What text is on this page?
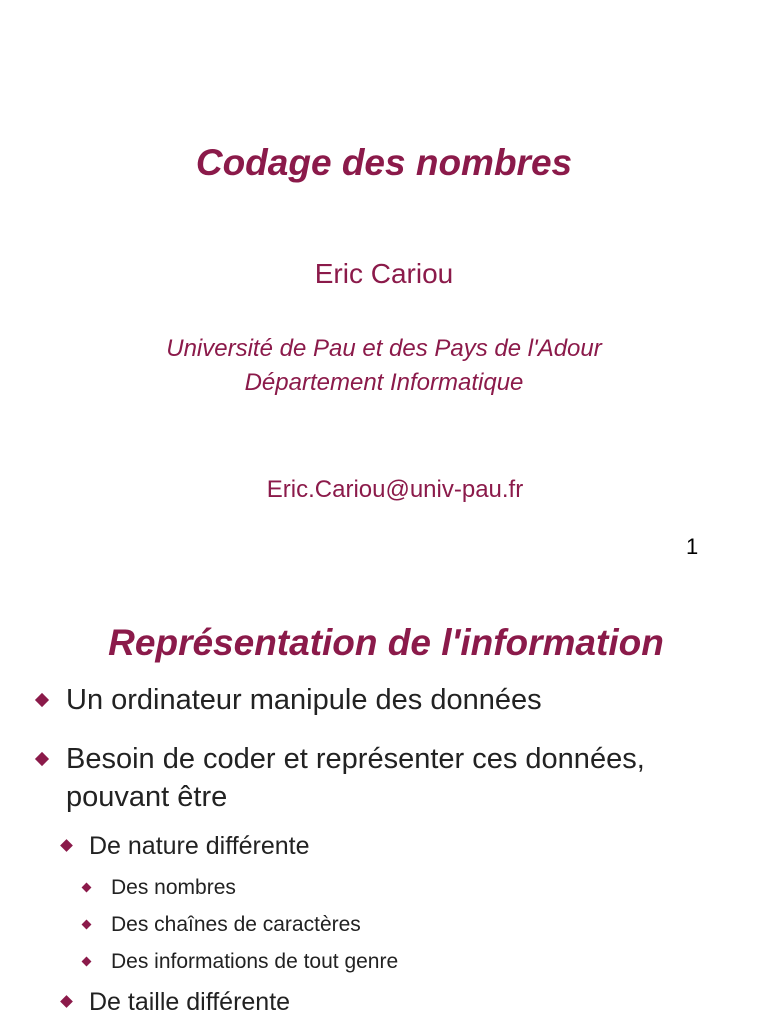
Codage des nombres
Eric Cariou
Université de Pau et des Pays de l'Adour
Département Informatique
Eric.Cariou@univ-pau.fr
1
Représentation de l'information
Un ordinateur manipule des données
Besoin de coder et représenter ces données,
pouvant être
De nature différente
Des nombres
Des chaînes de caractères
Des informations de tout genre
De taille différente
